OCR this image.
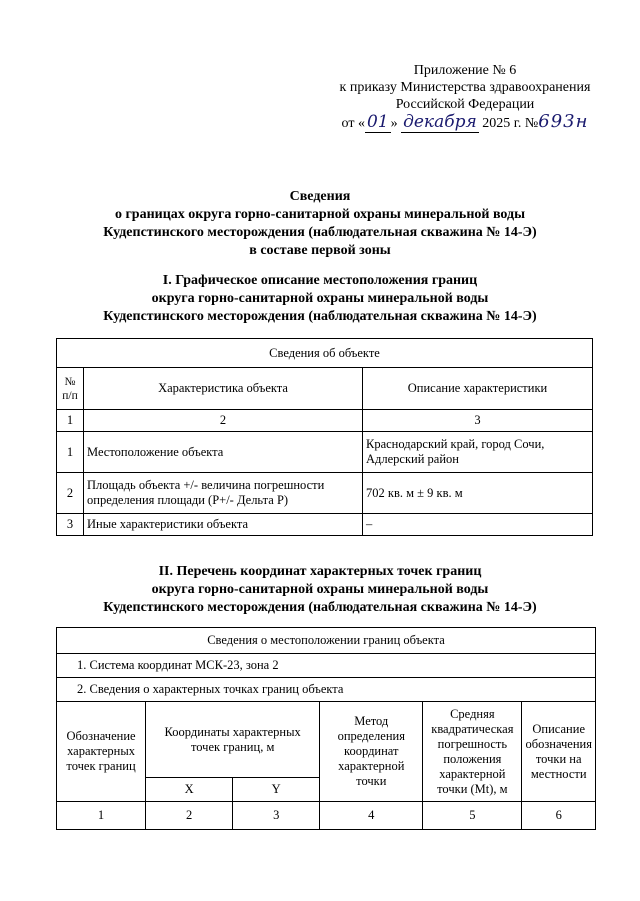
Приложение № 6
к приказу Министерства здравоохранения
Российской Федерации
от « 01 » декабря 2025 г. №693н
Сведения
о границах округа горно-санитарной охраны минеральной воды
Кудепстинского месторождения (наблюдательная скважина № 14-Э)
в составе первой зоны
I. Графическое описание местоположения границ
округа горно-санитарной охраны минеральной воды
Кудепстинского месторождения (наблюдательная скважина № 14-Э)
Сведения об объекте		
№ п/п	Характеристика объекта	Описание характеристики
1	2	3
1	Местоположение объекта	Краснодарский край, город Сочи, Адлерский район
2	Площадь объекта +/- величина погрешности определения площади (P+/- Дельта P)	702 кв. м ± 9 кв. м
3	Иные характеристики объекта	–
II. Перечень координат характерных точек границ
округа горно-санитарной охраны минеральной воды
Кудепстинского месторождения (наблюдательная скважина № 14-Э)
Сведения о местоположении границ объекта					
1. Система координат МСК-23, зона 2					
2. Сведения о характерных точках границ объекта					
Обозначение характерных точек границ	Координаты характерных точек границ, м		Метод определения координат характерной точки	Средняя квадратическая погрешность положения характерной точки (Mt), м	Описание обозначения точки на местности
	X	Y			
1	2	3	4	5	6
